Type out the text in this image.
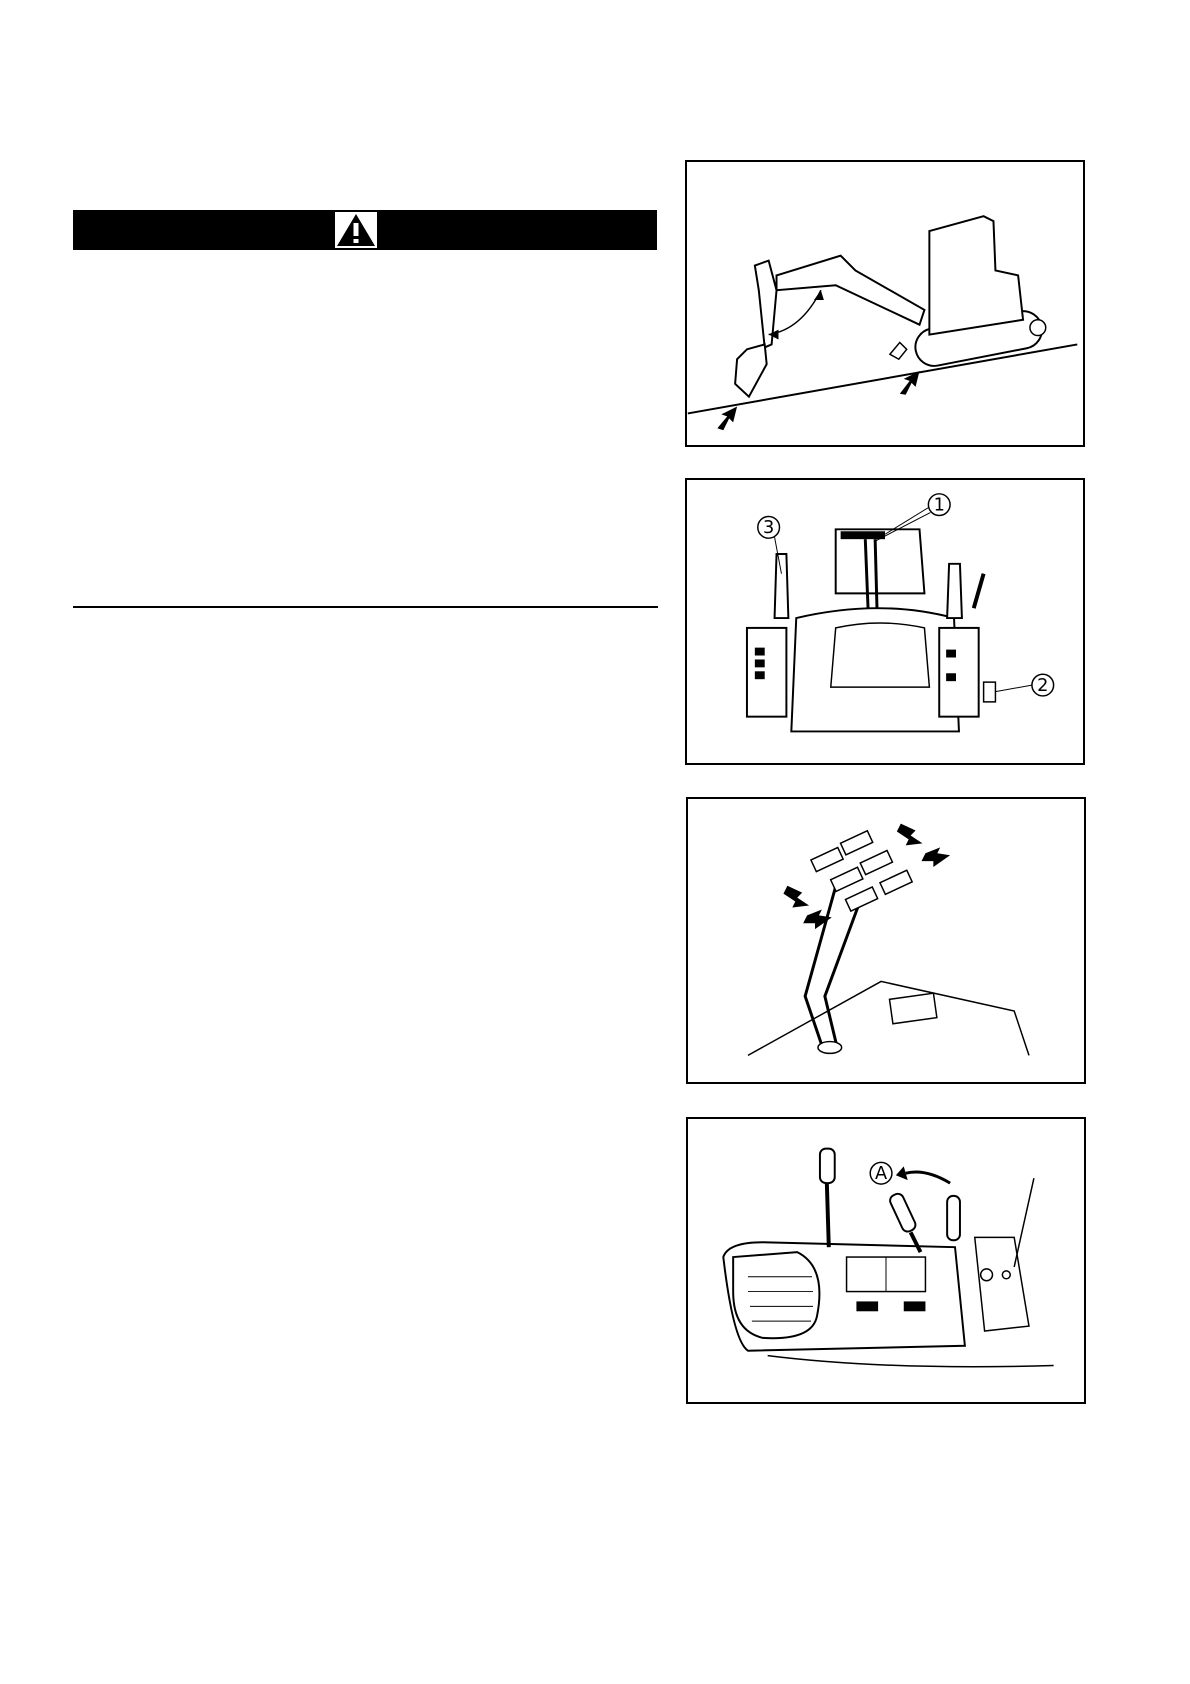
1
3
2
A
